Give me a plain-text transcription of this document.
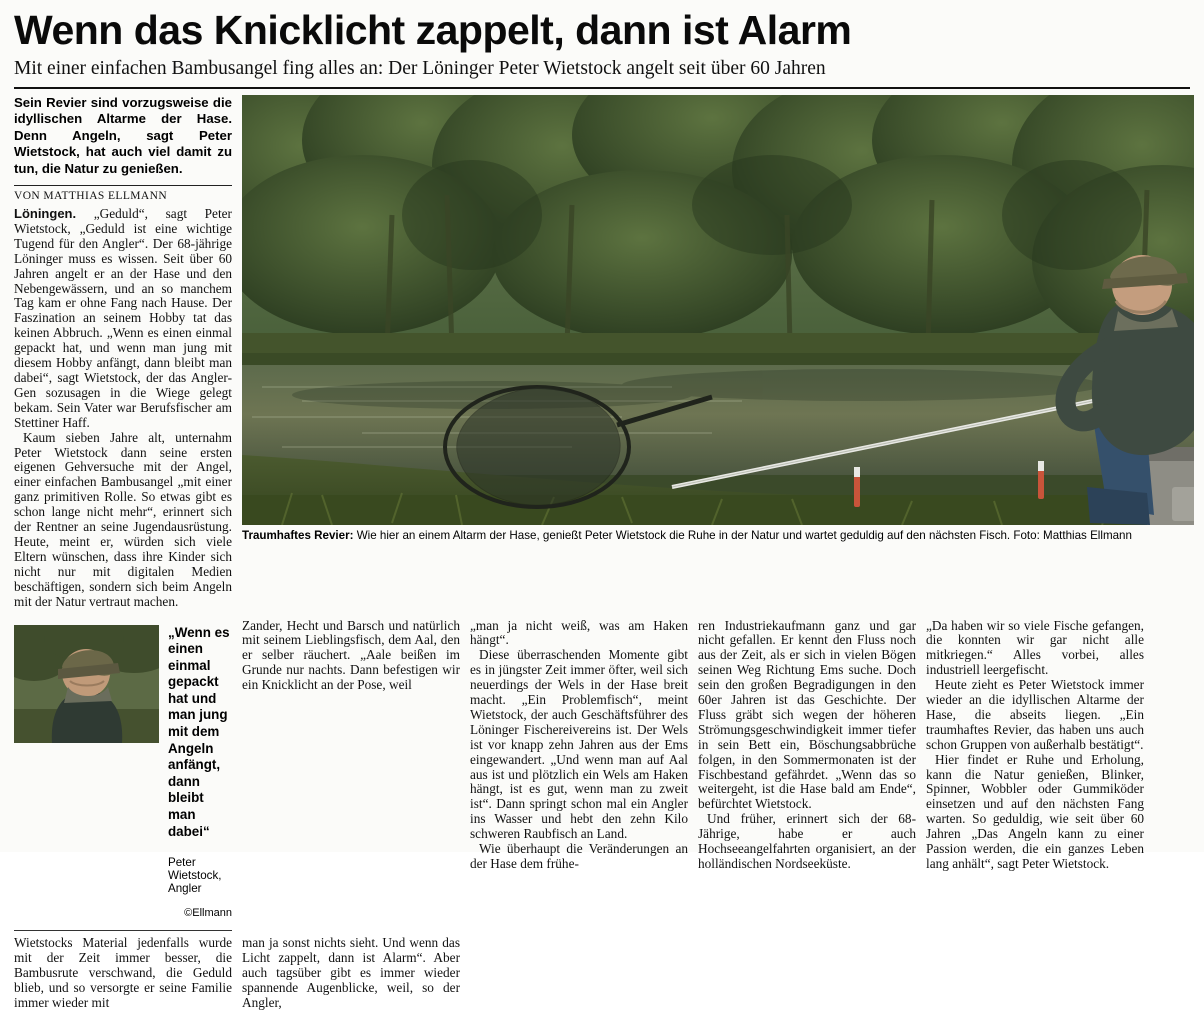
Wenn das Knicklicht zappelt, dann ist Alarm
Mit einer einfachen Bambusangel fing alles an: Der Löninger Peter Wietstock angelt seit über 60 Jahren
Sein Revier sind vorzugsweise die idyllischen Altarme der Hase. Denn Angeln, sagt Peter Wietstock, hat auch viel damit zu tun, die Natur zu genießen.
VON MATTHIAS ELLMANN

Löningen. „Geduld“, sagt Peter Wietstock, „Geduld ist eine wichtige Tugend für den Angler“. Der 68-jährige Löninger muss es wissen. Seit über 60 Jahren angelt er an der Hase und den Nebengewässern, und an so manchem Tag kam er ohne Fang nach Hause. Der Faszination an seinem Hobby tat das keinen Abbruch. „Wenn es einen einmal gepackt hat, und wenn man jung mit diesem Hobby anfängt, dann bleibt man dabei“, sagt Wietstock, der das Angler-Gen sozusagen in die Wiege gelegt bekam. Sein Vater war Berufsfischer am Stettiner Haff.

Kaum sieben Jahre alt, unternahm Peter Wietstock dann seine ersten eigenen Gehversuche mit der Angel, einer einfachen Bambusangel „mit einer ganz primitiven Rolle. So etwas gibt es schon lange nicht mehr“, erinnert sich der Rentner an seine Jugendausrüstung. Heute, meint er, würden sich viele Eltern wünschen, dass ihre Kinder sich nicht nur mit digitalen Medien beschäftigen, sondern sich beim Angeln mit der Natur vertraut machen.

Traumhaftes Revier: Wie hier an einem Altarm der Hase, genießt Peter Wietstock die Ruhe in der Natur und wartet geduldig auf den nächsten Fisch. Foto: Matthias Ellmann
„Wenn es einen einmal gepackt hat und man jung mit dem Angeln anfängt, dann bleibt man dabei“
Peter Wietstock, Angler
©Ellmann

Zander, Hecht und Barsch und natürlich mit seinem Lieblingsfisch, dem Aal, den er selber räuchert. „Aale beißen im Grunde nur nachts. Dann befestigen wir ein Knicklicht an der Pose, weil

„man ja nicht weiß, was am Haken hängt“.

Diese überraschenden Momente gibt es in jüngster Zeit immer öfter, weil sich neuerdings der Wels in der Hase breit macht. „Ein Problemfisch“, meint Wietstock, der auch Geschäftsführer des Löninger Fischereivereins ist. Der Wels ist vor knapp zehn Jahren aus der Ems eingewandert. „Und wenn man auf Aal aus ist und plötzlich ein Wels am Haken hängt, ist es gut, wenn man zu zweit ist“. Dann springt schon mal ein Angler ins Wasser und hebt den zehn Kilo schweren Raubfisch an Land.

Wie überhaupt die Veränderungen an der Hase dem frühe-

ren Industriekaufmann ganz und gar nicht gefallen. Er kennt den Fluss noch aus der Zeit, als er sich in vielen Bögen seinen Weg Richtung Ems suche. Doch sein den großen Begradigungen in den 60er Jahren ist das Geschichte. Der Fluss gräbt sich wegen der höheren Strömungsgeschwindigkeit immer tiefer in sein Bett ein, Böschungsabbrüche folgen, in den Sommermonaten ist der Fischbestand gefährdet. „Wenn das so weitergeht, ist die Hase bald am Ende“, befürchtet Wietstock.

Und früher, erinnert sich der 68-Jährige, habe er auch Hochseeangelfahrten organisiert, an der holländischen Nordseeküste.

„Da haben wir so viele Fische gefangen, die konnten wir gar nicht alle mitkriegen.“ Alles vorbei, alles industriell leergefischt.

Heute zieht es Peter Wietstock immer wieder an die idyllischen Altarme der Hase, die abseits liegen. „Ein traumhaftes Revier, das haben uns auch schon Gruppen von außerhalb bestätigt“.

Hier findet er Ruhe und Erholung, kann die Natur genießen, Blinker, Spinner, Wobbler oder Gummiköder einsetzen und auf den nächsten Fang warten. So geduldig, wie seit über 60 Jahren „Das Angeln kann zu einer Passion werden, die ein ganzes Leben lang anhält“, sagt Peter Wietstock.

Wietstocks Material jedenfalls wurde mit der Zeit immer besser, die Bambusrute verschwand, die Geduld blieb, und so versorgte er seine Familie immer wieder mit

man ja sonst nichts sieht. Und wenn das Licht zappelt, dann ist Alarm“. Aber auch tagsüber gibt es immer wieder spannende Augenblicke, weil, so der Angler,
